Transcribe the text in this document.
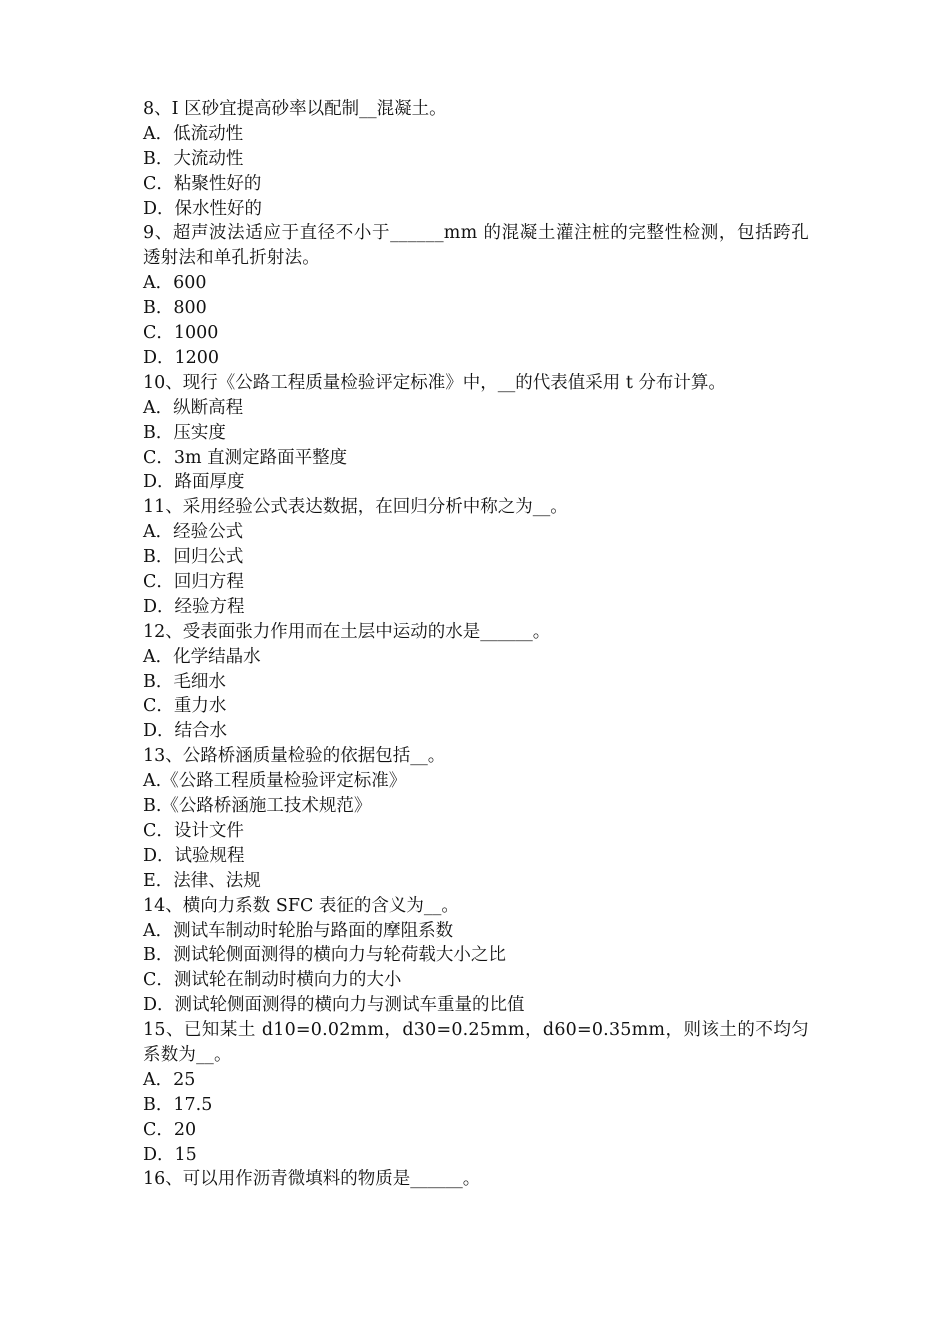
8、I 区砂宜提高砂率以配制__混凝土。
A．低流动性
B．大流动性
C．粘聚性好的
D．保水性好的
9、超声波法适应于直径不小于______mm 的混凝土灌注桩的完整性检测，包括跨孔透射法和单孔折射法。
A．600
B．800
C．1000
D．1200
10、现行《公路工程质量检验评定标准》中，__的代表值采用 t 分布计算。
A．纵断高程
B．压实度
C．3m 直测定路面平整度
D．路面厚度
11、采用经验公式表达数据，在回归分析中称之为__。
A．经验公式
B．回归公式
C．回归方程
D．经验方程
12、受表面张力作用而在土层中运动的水是______。
A．化学结晶水
B．毛细水
C．重力水
D．结合水
13、公路桥涵质量检验的依据包括__。
A.《公路工程质量检验评定标准》
B.《公路桥涵施工技术规范》
C．设计文件
D．试验规程
E．法律、法规
14、横向力系数 SFC 表征的含义为__。
A．测试车制动时轮胎与路面的摩阻系数
B．测试轮侧面测得的横向力与轮荷载大小之比
C．测试轮在制动时横向力的大小
D．测试轮侧面测得的横向力与测试车重量的比值
15、已知某土 d10=0.02mm，d30=0.25mm，d60=0.35mm，则该土的不均匀系数为__。
A．25
B．17.5
C．20
D．15
16、可以用作沥青微填料的物质是______。
